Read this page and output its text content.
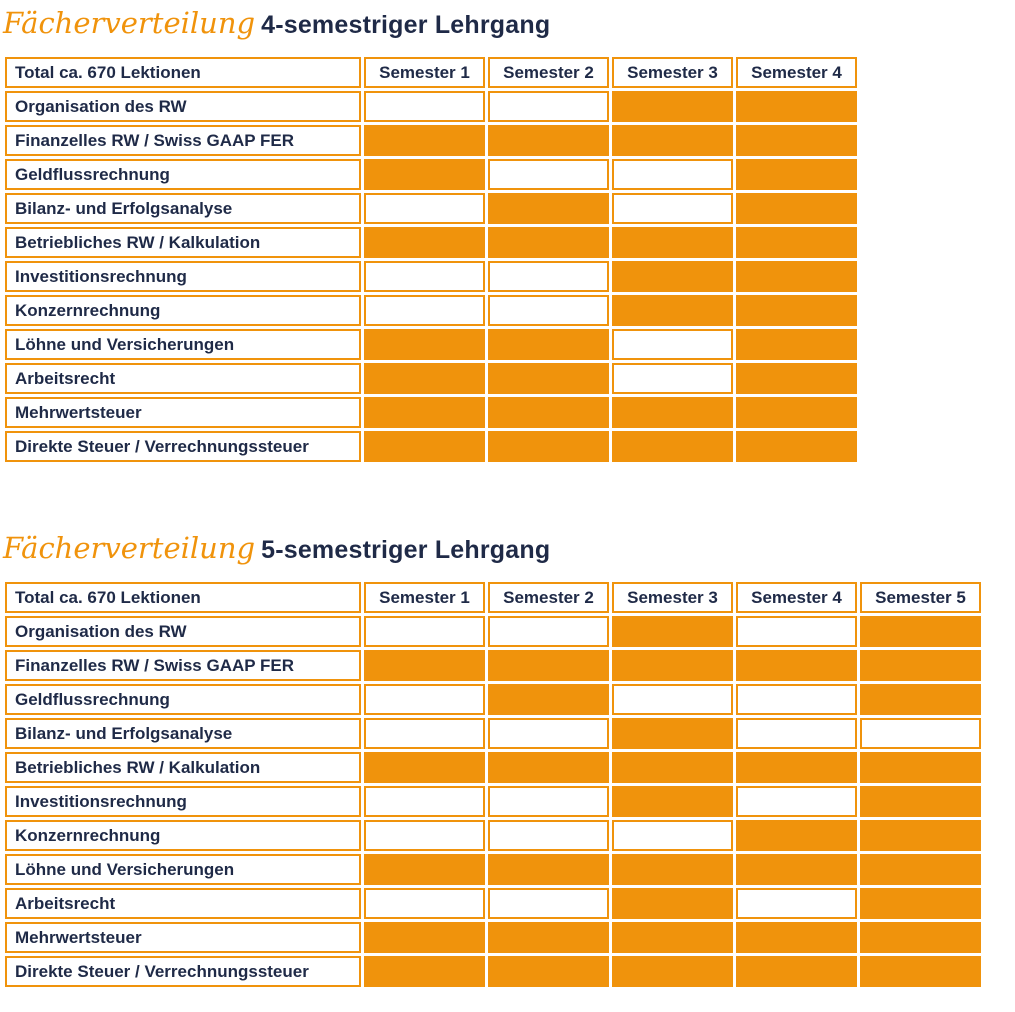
Fächerverteilung 4-semestriger Lehrgang
Total ca. 670 Lektionen	Semester 1	Semester 2	Semester 3	Semester 4
Organisation des RW				
Finanzelles RW / Swiss GAAP FER				
Geldflussrechnung				
Bilanz- und Erfolgsanalyse				
Betriebliches RW / Kalkulation				
Investitionsrechnung				
Konzernrechnung				
Löhne und Versicherungen				
Arbeitsrecht				
Mehrwertsteuer				
Direkte Steuer / Verrechnungssteuer				
Fächerverteilung 5-semestriger Lehrgang
Total ca. 670 Lektionen	Semester 1	Semester 2	Semester 3	Semester 4	Semester 5
Organisation des RW					
Finanzelles RW / Swiss GAAP FER					
Geldflussrechnung					
Bilanz- und Erfolgsanalyse					
Betriebliches RW / Kalkulation					
Investitionsrechnung					
Konzernrechnung					
Löhne und Versicherungen					
Arbeitsrecht					
Mehrwertsteuer					
Direkte Steuer / Verrechnungssteuer					
